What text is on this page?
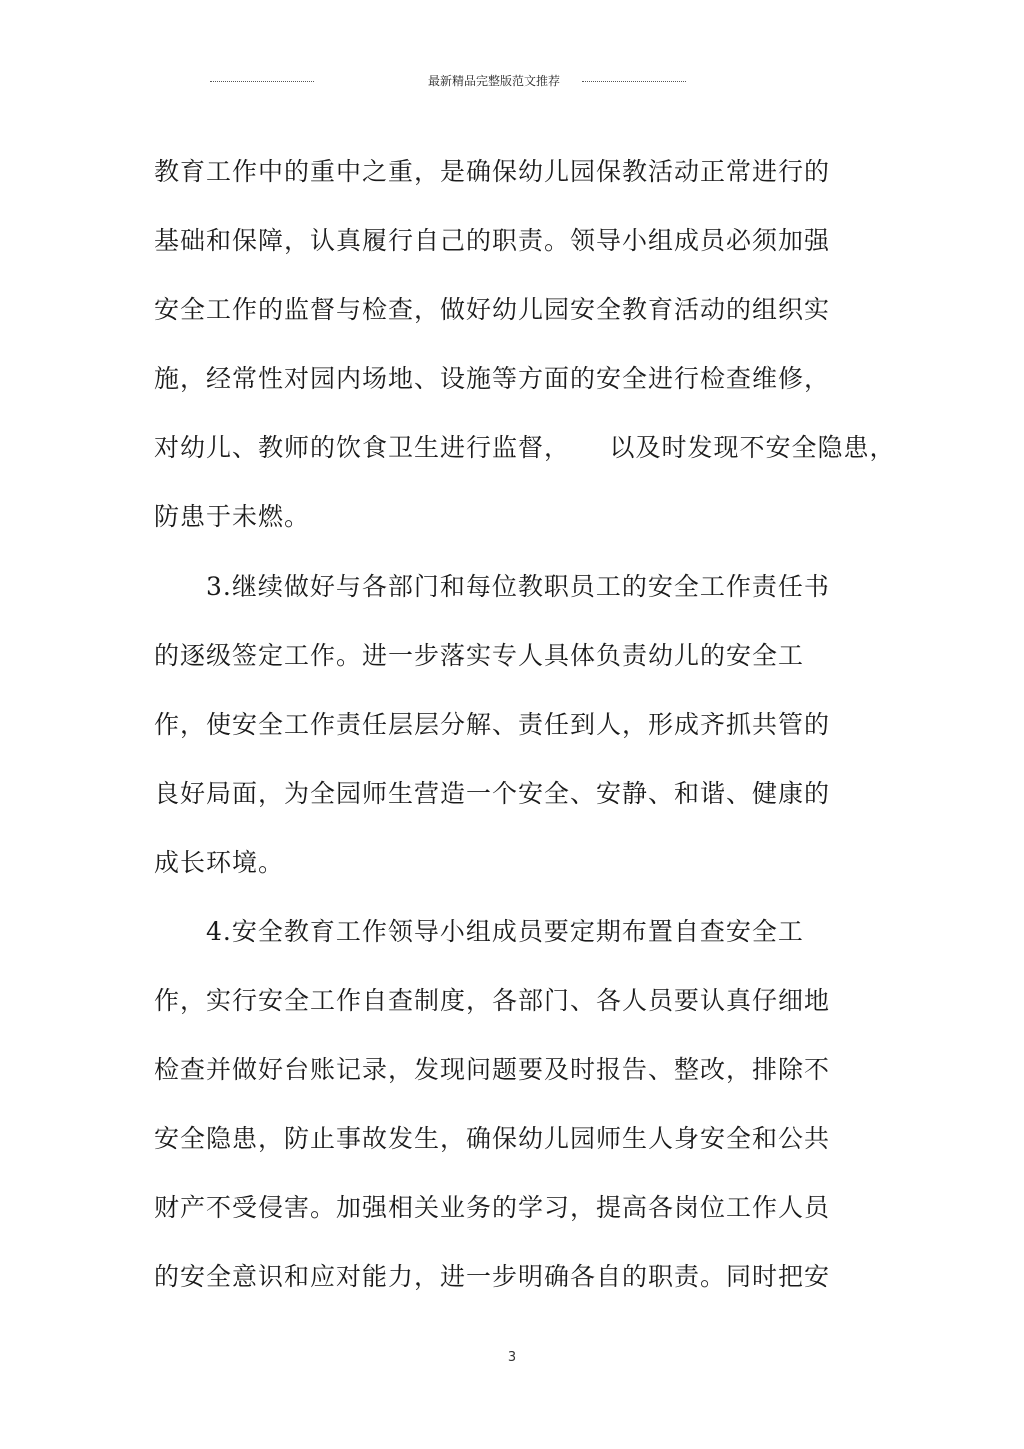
最新精品完整版范文推荐
教育工作中的重中之重，是确保幼儿园保教活动正常进行的
基础和保障，认真履行自己的职责。领导小组成员必须加强
安全工作的监督与检查，做好幼儿园安全教育活动的组织实
施，经常性对园内场地、设施等方面的安全进行检查维修，
对幼儿、教师的饮食卫生进行监督，　　以及时发现不安全隐患，
防患于未燃。
3.继续做好与各部门和每位教职员工的安全工作责任书
的逐级签定工作。进一步落实专人具体负责幼儿的安全工
作，使安全工作责任层层分解、责任到人，形成齐抓共管的
良好局面，为全园师生营造一个安全、安静、和谐、健康的
成长环境。
4.安全教育工作领导小组成员要定期布置自查安全工
作，实行安全工作自查制度，各部门、各人员要认真仔细地
检查并做好台账记录，发现问题要及时报告、整改，排除不
安全隐患，防止事故发生，确保幼儿园师生人身安全和公共
财产不受侵害。加强相关业务的学习，提高各岗位工作人员
的安全意识和应对能力，进一步明确各自的职责。同时把安
3
